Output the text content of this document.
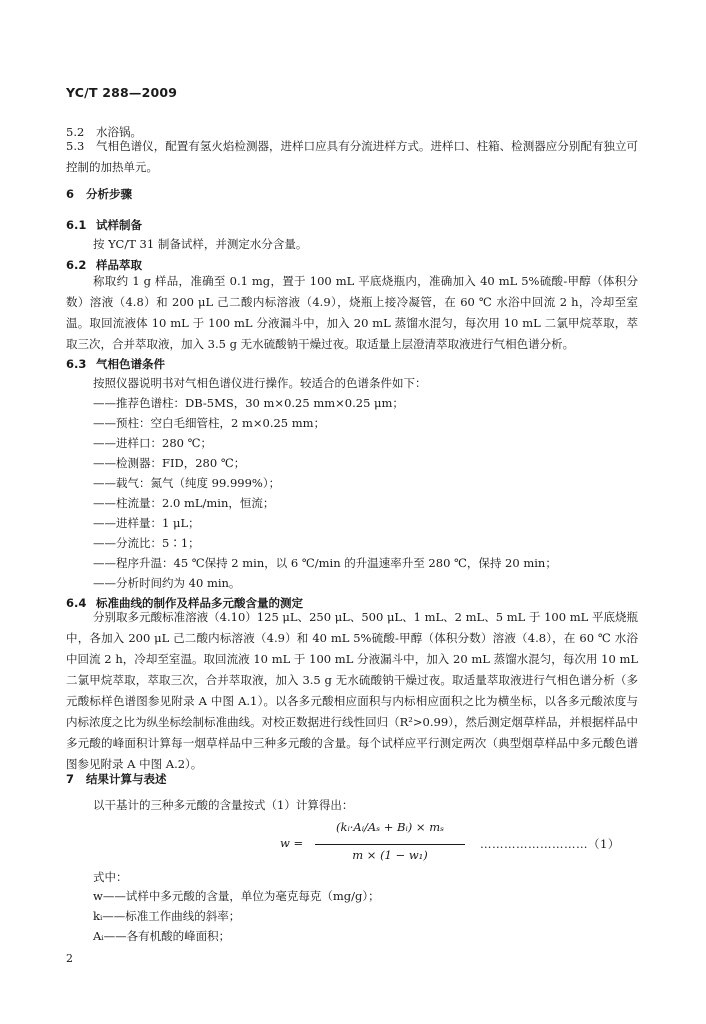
YC/T 288—2009
5.2 水浴锅。
5.3 气相色谱仪，配置有氢火焰检测器，进样口应具有分流进样方式。进样口、柱箱、检测器应分别配有独立可控制的加热单元。
6 分析步骤
6.1 试样制备
按 YC/T 31 制备试样，并测定水分含量。
6.2 样品萃取
称取约 1 g 样品，准确至 0.1 mg，置于 100 mL 平底烧瓶内，准确加入 40 mL 5%硫酸-甲醇（体积分数）溶液（4.8）和 200 μL 己二酸内标溶液（4.9），烧瓶上接冷凝管，在 60 ℃ 水浴中回流 2 h，冷却至室温。取回流液体 10 mL 于 100 mL 分液漏斗中，加入 20 mL 蒸馏水混匀，每次用 10 mL 二氯甲烷萃取，萃取三次，合并萃取液，加入 3.5 g 无水硫酸钠干燥过夜。取适量上层澄清萃取液进行气相色谱分析。
6.3 气相色谱条件
按照仪器说明书对气相色谱仪进行操作。较适合的色谱条件如下：
——推荐色谱柱：DB-5MS，30 m×0.25 mm×0.25 μm；
——预柱：空白毛细管柱，2 m×0.25 mm；
——进样口：280 ℃；
——检测器：FID，280 ℃；
——载气：氮气（纯度 99.999%）；
——柱流量：2.0 mL/min，恒流；
——进样量：1 μL；
——分流比：5∶1；
——程序升温：45 ℃保持 2 min，以 6 ℃/min 的升温速率升至 280 ℃，保持 20 min；
——分析时间约为 40 min。
6.4 标准曲线的制作及样品多元酸含量的测定
分别取多元酸标准溶液（4.10）125 μL、250 μL、500 μL、1 mL、2 mL、5 mL 于 100 mL 平底烧瓶中，各加入 200 μL 己二酸内标溶液（4.9）和 40 mL 5%硫酸-甲醇（体积分数）溶液（4.8），在 60 ℃ 水浴中回流 2 h，冷却至室温。取回流液 10 mL 于 100 mL 分液漏斗中，加入 20 mL 蒸馏水混匀，每次用 10 mL 二氯甲烷萃取，萃取三次，合并萃取液，加入 3.5 g 无水硫酸钠干燥过夜。取适量萃取液进行气相色谱分析（多元酸标样色谱图参见附录 A 中图 A.1）。以各多元酸相应面积与内标相应面积之比为横坐标，以各多元酸浓度与内标浓度之比为纵坐标绘制标准曲线。对校正数据进行线性回归（R²>0.99），然后测定烟草样品，并根据样品中多元酸的峰面积计算每一烟草样品中三种多元酸的含量。每个试样应平行测定两次（典型烟草样品中多元酸色谱图参见附录 A 中图 A.2）。
7 结果计算与表述
以干基计的三种多元酸的含量按式（1）计算得出：
w =
(kᵢ·Aᵢ/Aₛ + Bᵢ) × mₛ
m × (1 − w₁)
………………………（1）
式中：
w——试样中多元酸的含量，单位为毫克每克（mg/g）；
kᵢ——标准工作曲线的斜率；
Aᵢ——各有机酸的峰面积；
2
